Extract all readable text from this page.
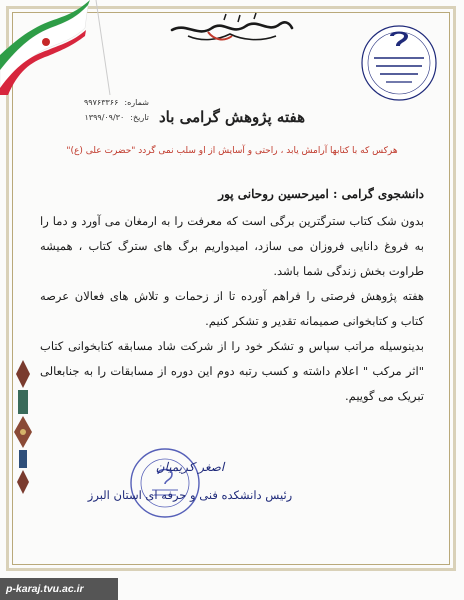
شماره:
۹۹۷۶۳۳۶۶
تاریخ:
۱۳۹۹/۰۹/۳۰	هفته پژوهش گرامی باد
هرکس که با کتابها آرامش یابد ، راحتی و آسایش از او سلب نمی گردد "حضرت علی (ع)"
دانشجوی گرامی : امیرحسین روحانی پور

بدون شک کتاب سترگترین برگی است که معرفت را به ارمغان می آورد و دما را به فروغ دانایی فروزان می سازد، امیدواریم برگ های سترگ کتاب ، همیشه طراوت بخش زندگی شما باشد.

هفته پژوهش فرصتی را فراهم آورده تا از زحمات و تلاش های فعالان عرصه کتاب و کتابخوانی صمیمانه تقدیر و تشکر کنیم.

بدینوسیله مراتب سپاس و تشکر خود را از شرکت شاد مسابقه کتابخوانی کتاب "اثر مرکب " اعلام داشته و کسب رتبه دوم این دوره از مسابقات را به جنابعالی تبریک می گوییم.

اصغر کریمیان
رئیس دانشکده فنی و حرفه ای استان البرز
p-karaj.tvu.ac.ir
